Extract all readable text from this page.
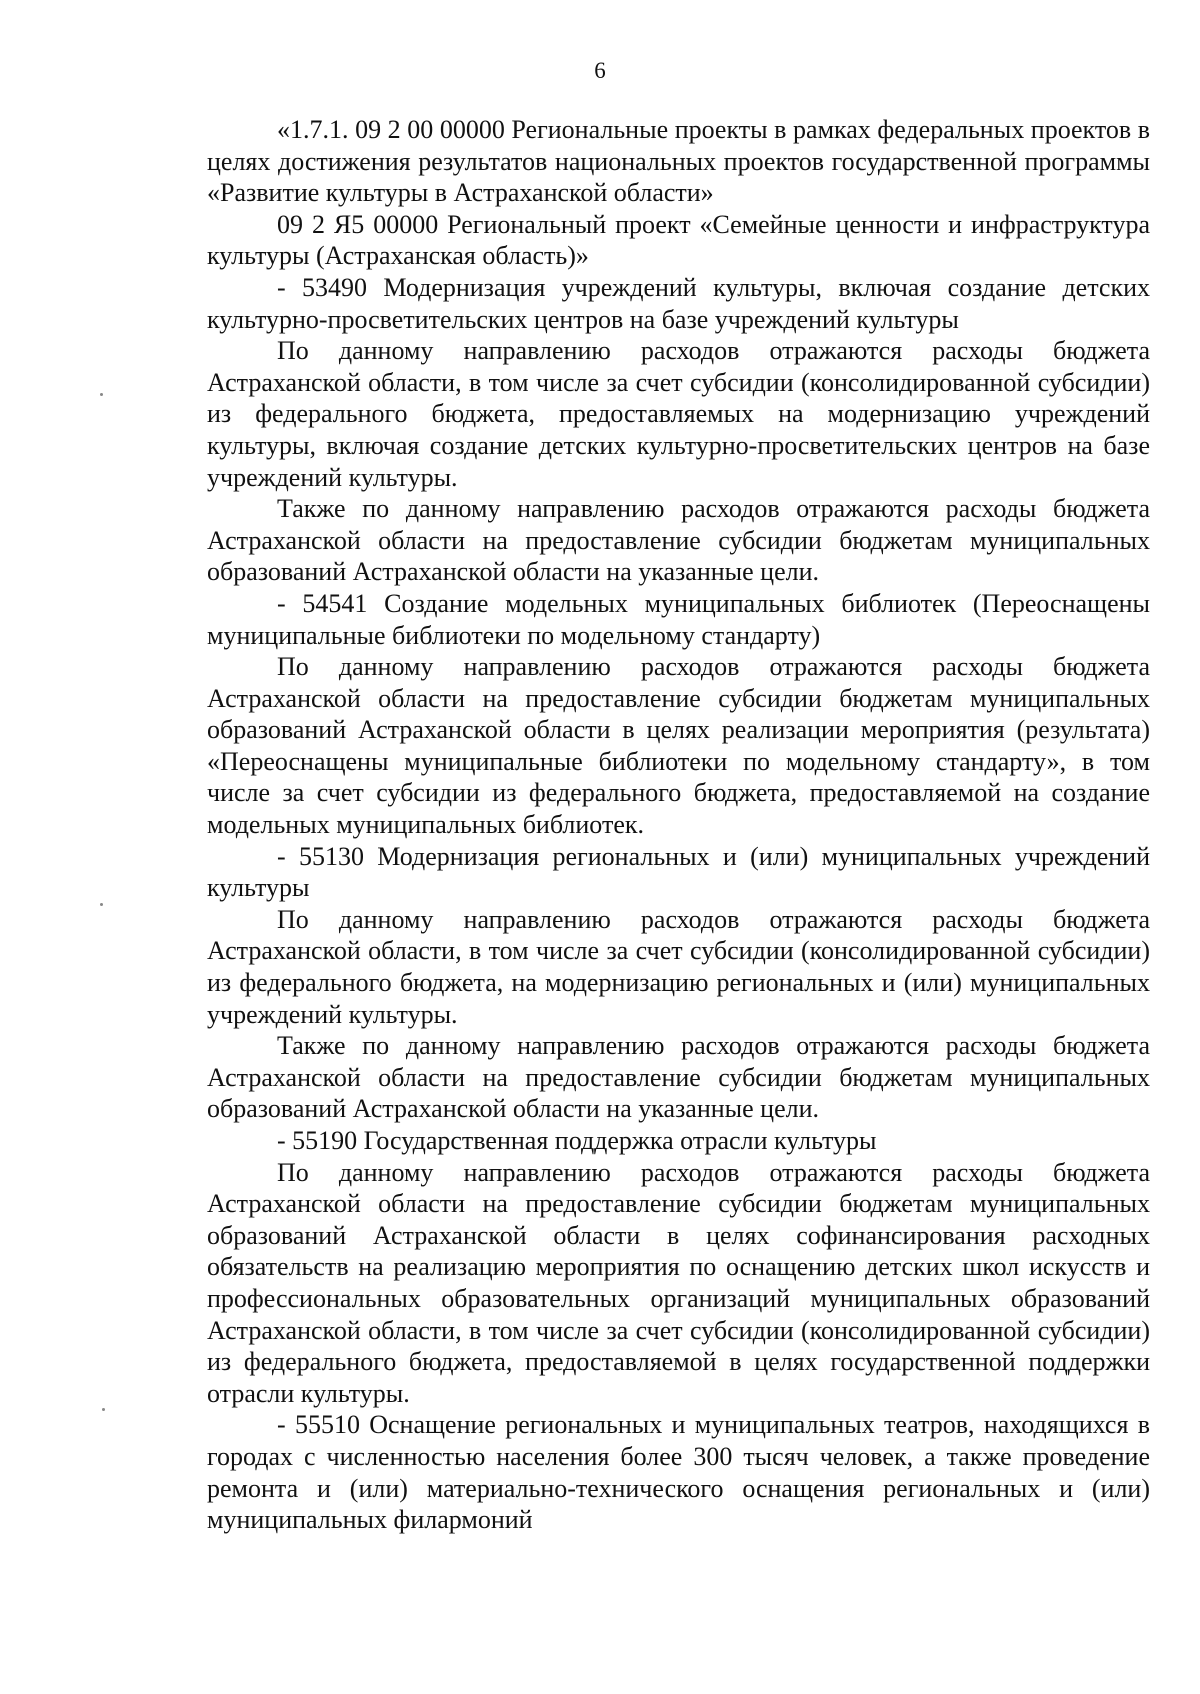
6

«1.7.1. 09 2 00 00000 Региональные проекты в рамках федеральных проектов в целях достижения результатов национальных проектов государственной программы «Развитие культуры в Астраханской области»

09 2 Я5 00000 Региональный проект «Семейные ценности и инфраструктура культуры (Астраханская область)»

- 53490 Модернизация учреждений культуры, включая создание детских культурно-просветительских центров на базе учреждений культуры

По данному направлению расходов отражаются расходы бюджета Астраханской области, в том числе за счет субсидии (консолидированной субсидии) из федерального бюджета, предоставляемых на модернизацию учреждений культуры, включая создание детских культурно-просветительских центров на базе учреждений культуры.

Также по данному направлению расходов отражаются расходы бюджета Астраханской области на предоставление субсидии бюджетам муниципальных образований Астраханской области на указанные цели.

- 54541 Создание модельных муниципальных библиотек (Переоснащены муниципальные библиотеки по модельному стандарту)

По данному направлению расходов отражаются расходы бюджета Астраханской области на предоставление субсидии бюджетам муниципальных образований Астраханской области в целях реализации мероприятия (результата) «Переоснащены муниципальные библиотеки по модельному стандарту», в том числе за счет субсидии из федерального бюджета, предоставляемой на создание модельных муниципальных библиотек.

- 55130 Модернизация региональных и (или) муниципальных учреждений культуры

По данному направлению расходов отражаются расходы бюджета Астраханской области, в том числе за счет субсидии (консолидированной субсидии) из федерального бюджета, на модернизацию региональных и (или) муниципальных учреждений культуры.

Также по данному направлению расходов отражаются расходы бюджета Астраханской области на предоставление субсидии бюджетам муниципальных образований Астраханской области на указанные цели.

- 55190 Государственная поддержка отрасли культуры

По данному направлению расходов отражаются расходы бюджета Астраханской области на предоставление субсидии бюджетам муниципальных образований Астраханской области в целях софинансирования расходных обязательств на реализацию мероприятия по оснащению детских школ искусств и профессиональных образовательных организаций муниципальных образований Астраханской области, в том числе за счет субсидии (консолидированной субсидии) из федерального бюджета, предоставляемой в целях государственной поддержки отрасли культуры.

- 55510 Оснащение региональных и муниципальных театров, находящихся в городах с численностью населения более 300 тысяч человек, а также проведение ремонта и (или) материально-технического оснащения региональных и (или) муниципальных филармоний
